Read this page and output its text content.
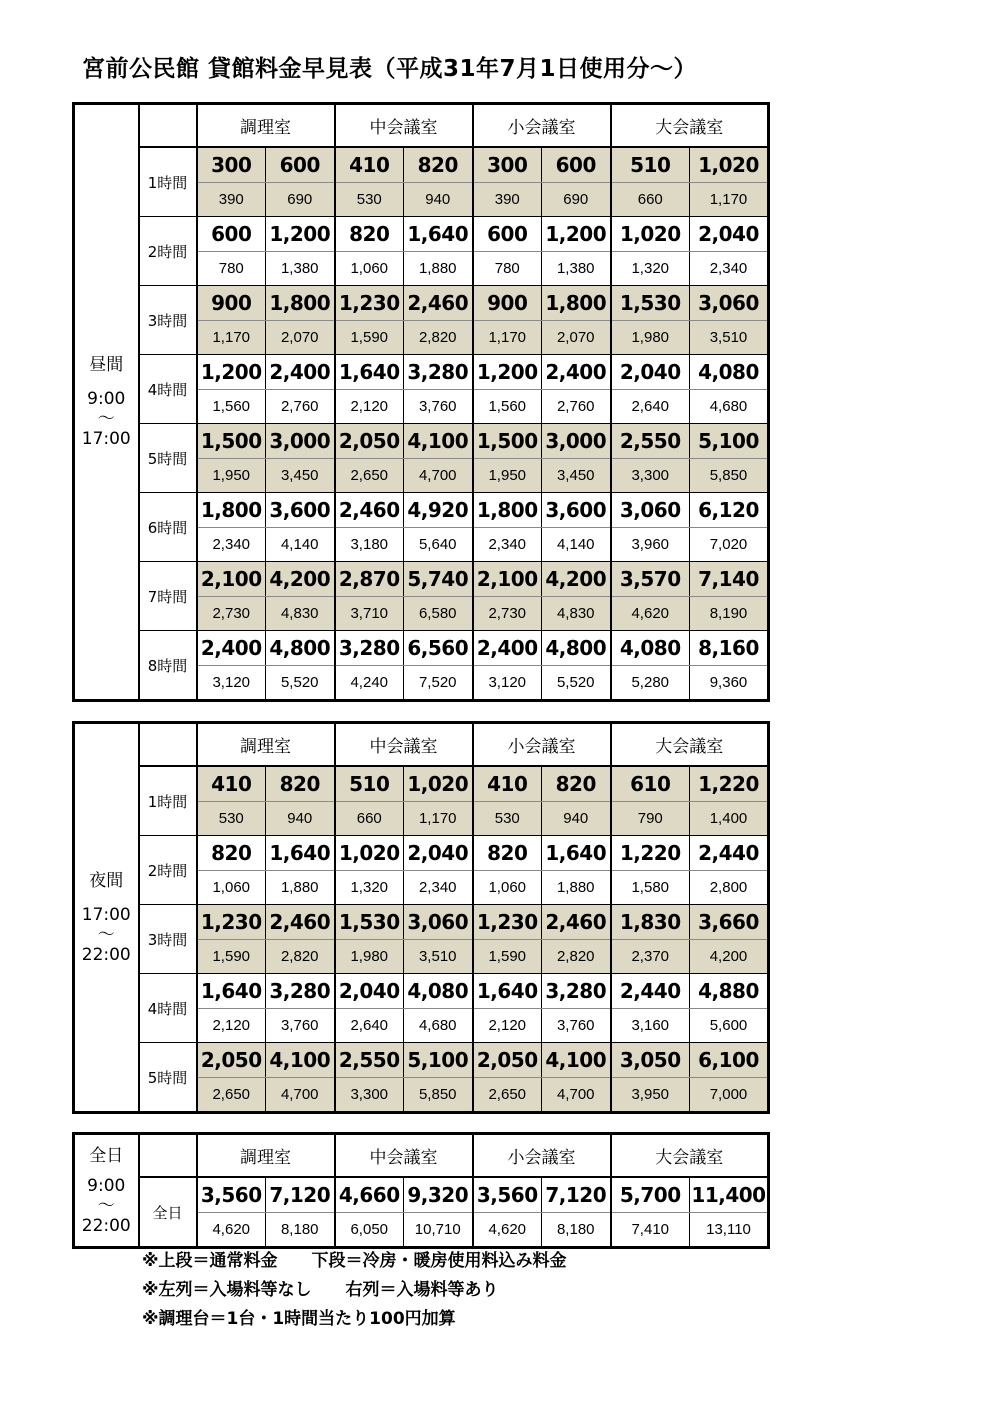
宮前公民館 貸館料金早見表（平成31年7月1日使用分〜）
昼間
9:00
〜
17:00		調理室		中会議室		小会議室		大会議室	
	1時間	300	600	410	820	300	600	510	1,020
		390	690	530	940	390	690	660	1,170
	2時間	600	1,200	820	1,640	600	1,200	1,020	2,040
		780	1,380	1,060	1,880	780	1,380	1,320	2,340
	3時間	900	1,800	1,230	2,460	900	1,800	1,530	3,060
		1,170	2,070	1,590	2,820	1,170	2,070	1,980	3,510
	4時間	1,200	2,400	1,640	3,280	1,200	2,400	2,040	4,080
		1,560	2,760	2,120	3,760	1,560	2,760	2,640	4,680
	5時間	1,500	3,000	2,050	4,100	1,500	3,000	2,550	5,100
		1,950	3,450	2,650	4,700	1,950	3,450	3,300	5,850
	6時間	1,800	3,600	2,460	4,920	1,800	3,600	3,060	6,120
		2,340	4,140	3,180	5,640	2,340	4,140	3,960	7,020
	7時間	2,100	4,200	2,870	5,740	2,100	4,200	3,570	7,140
		2,730	4,830	3,710	6,580	2,730	4,830	4,620	8,190
	8時間	2,400	4,800	3,280	6,560	2,400	4,800	4,080	8,160
		3,120	5,520	4,240	7,520	3,120	5,520	5,280	9,360
夜間
17:00
〜
22:00		調理室		中会議室		小会議室		大会議室	
	1時間	410	820	510	1,020	410	820	610	1,220
		530	940	660	1,170	530	940	790	1,400
	2時間	820	1,640	1,020	2,040	820	1,640	1,220	2,440
		1,060	1,880	1,320	2,340	1,060	1,880	1,580	2,800
	3時間	1,230	2,460	1,530	3,060	1,230	2,460	1,830	3,660
		1,590	2,820	1,980	3,510	1,590	2,820	2,370	4,200
	4時間	1,640	3,280	2,040	4,080	1,640	3,280	2,440	4,880
		2,120	3,760	2,640	4,680	2,120	3,760	3,160	5,600
	5時間	2,050	4,100	2,550	5,100	2,050	4,100	3,050	6,100
		2,650	4,700	3,300	5,850	2,650	4,700	3,950	7,000
全日
9:00
〜
22:00		調理室		中会議室		小会議室		大会議室	
	全日	3,560	7,120	4,660	9,320	3,560	7,120	5,700	11,400
		4,620	8,180	6,050	10,710	4,620	8,180	7,410	13,110
※上段＝通常料金　　下段＝冷房・暖房使用料込み料金
※左列＝入場料等なし　　右列＝入場料等あり
※調理台＝1台・1時間当たり100円加算
